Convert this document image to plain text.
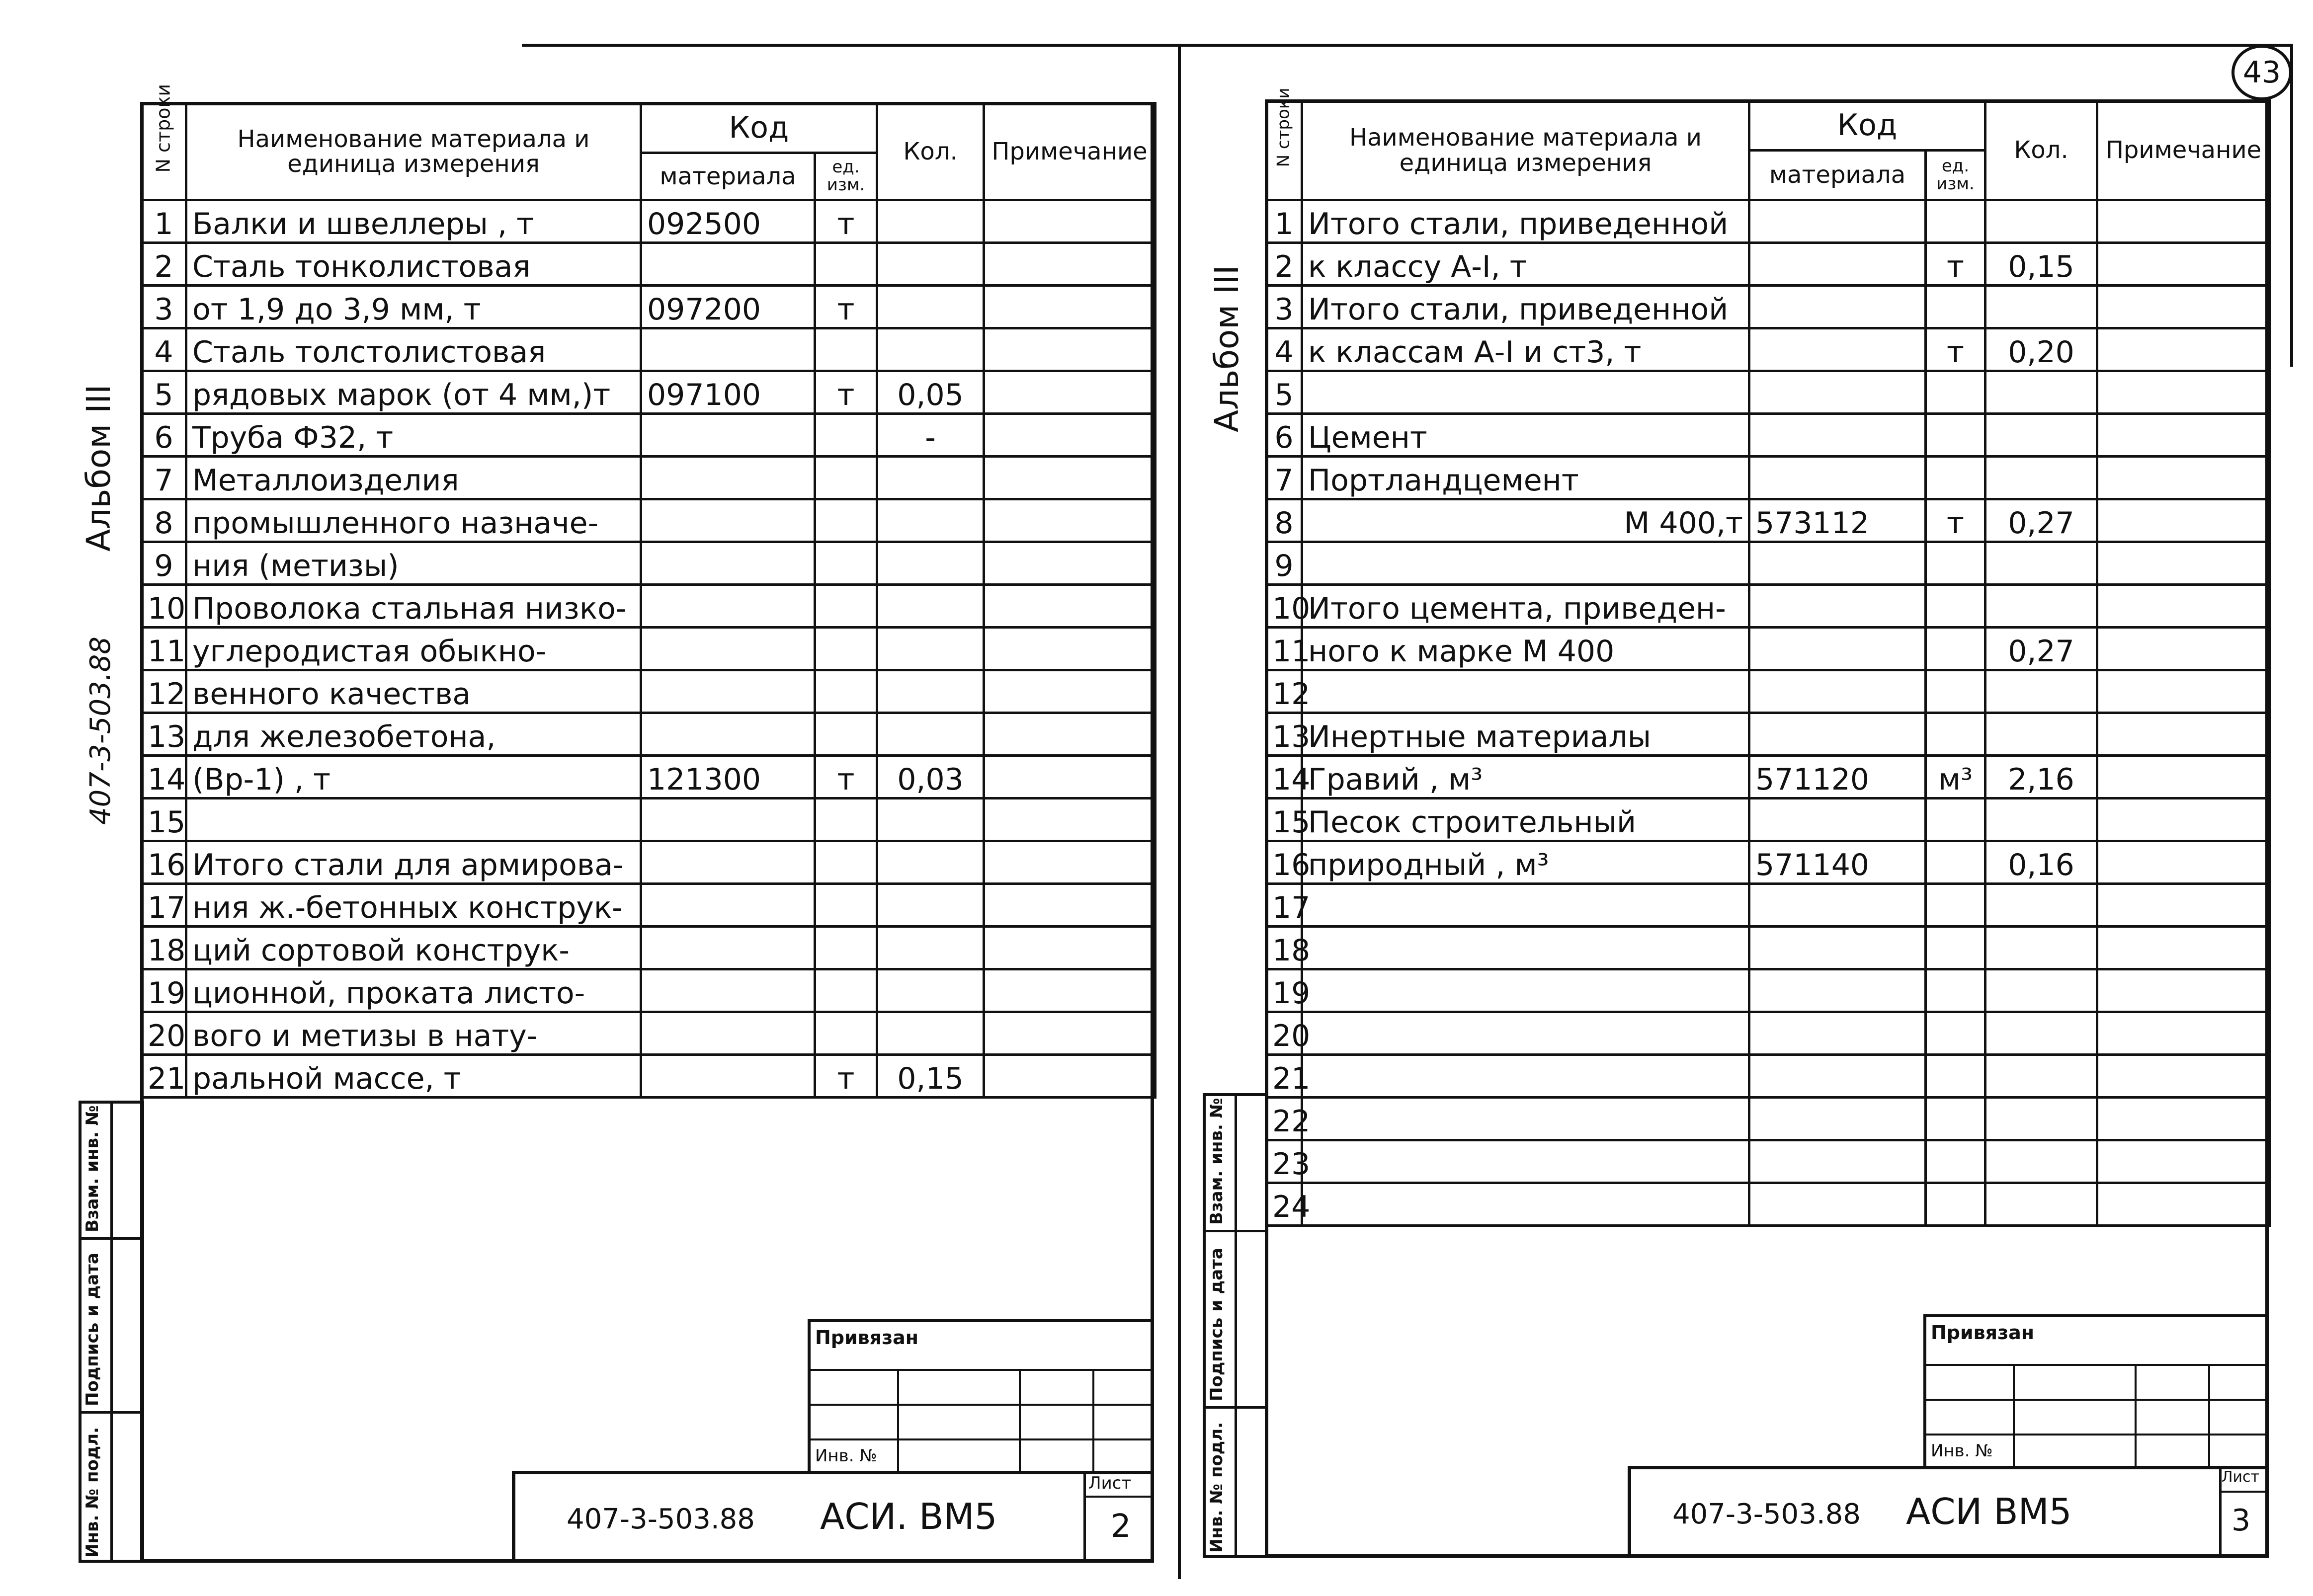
43
Альбом III
407-3-503.88
Взам. инв. №
Подпись и дата
Инв. № подл.
N строки	Наименование материала и единица измерения	Код		Кол.	Примечание
		материала	ед. изм.		
1	Балки и швеллеры , т	092500	т		
2	Сталь тонколистовая				
3	от 1,9 до 3,9 мм, т	097200	т		
4	Сталь толстолистовая				
5	рядовых марок (от 4 мм,)т	097100	т	0,05	
6	Труба Ф32, т			-	
7	Металлоизделия				
8	промышленного назначе-				
9	ния (метизы)				
10	Проволока стальная низко-				
11	углеродистая обыкно-				
12	венного качества				
13	для железобетона,				
14	(Вр-1) , т	121300	т	0,03	
15					
16	Итого стали для армирова-				
17	ния ж.-бетонных конструк-				
18	ций сортовой конструк-				
19	ционной, проката листо-				
20	вого и метизы в нату-				
21	ральной массе, т		т	0,15	
Привязан
Инв. №
407-3-503.88 АСИ. ВМ5
Лист
2
Альбом III
Взам. инв. №
Подпись и дата
Инв. № подл.
N строки	Наименование материала и единица измерения	Код		Кол.	Примечание
		материала	ед. изм.		
1	Итого стали, приведенной				
2	к классу А-I, т		т	0,15	
3	Итого стали, приведенной				
4	к классам А-I и ст3, т		т	0,20	
5					
6	Цемент				
7	Портландцемент				
8	М 400,т	573112	т	0,27	
9					
10	Итого цемента, приведен-				
11	ного к марке М 400			0,27	
12					
13	Инертные материалы				
14	Гравий , м³	571120	м³	2,16	
15	Песок строительный				
16	природный , м³	571140		0,16	
17					
18					
19					
20					
21					
22					
23					
24					
Привязан
Инв. №
407-3-503.88 АСИ ВМ5
Лист
3
